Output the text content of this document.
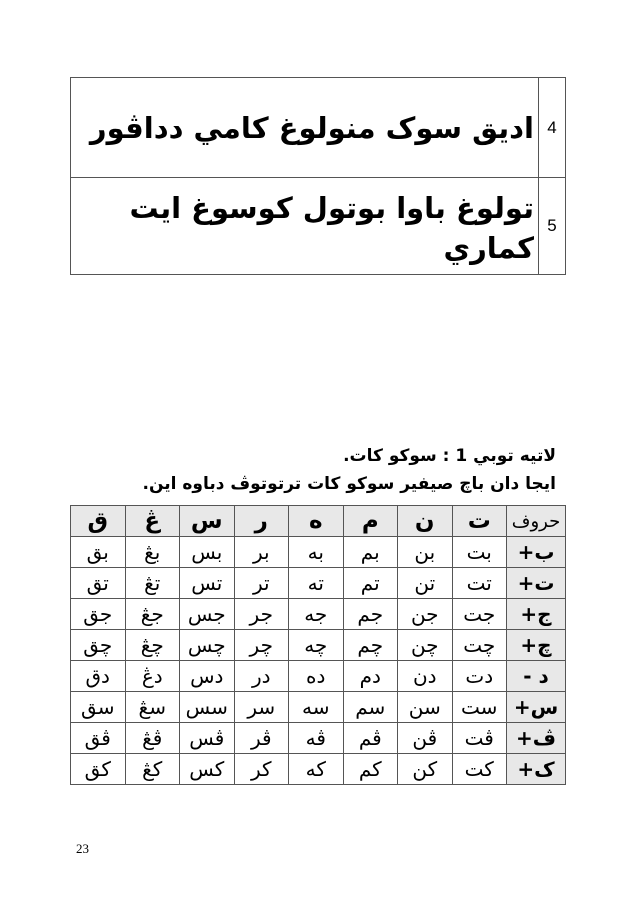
4	اديق سوک منولوغ کامي دداڨور
5	تولوغ باوا بوتول کوسوغ ايت کماري
لاتيه توبي 1 : سوکو کات.
ايجا دان باچ صيفير سوکو کات ترتوتوڤ دباوه اين.
حروف	ت	ن	م	ه	ر	س	ڠ	ق
ب+	بت	بن	بم	به	بر	بس	بڠ	بق
ت+	تت	تن	تم	ته	تر	تس	تڠ	تق
ج+	جت	جن	جم	جه	جر	جس	جڠ	جق
چ+	چت	چن	چم	چه	چر	چس	چڠ	چق
د -	دت	دن	دم	ده	در	دس	دڠ	دق
س+	ست	سن	سم	سه	سر	سس	سڠ	سق
ڤ+	ڤت	ڤن	ڤم	ڤه	ڤر	ڤس	ڤڠ	ڤق
ک+	کت	کن	کم	که	کر	کس	کڠ	کق
23
